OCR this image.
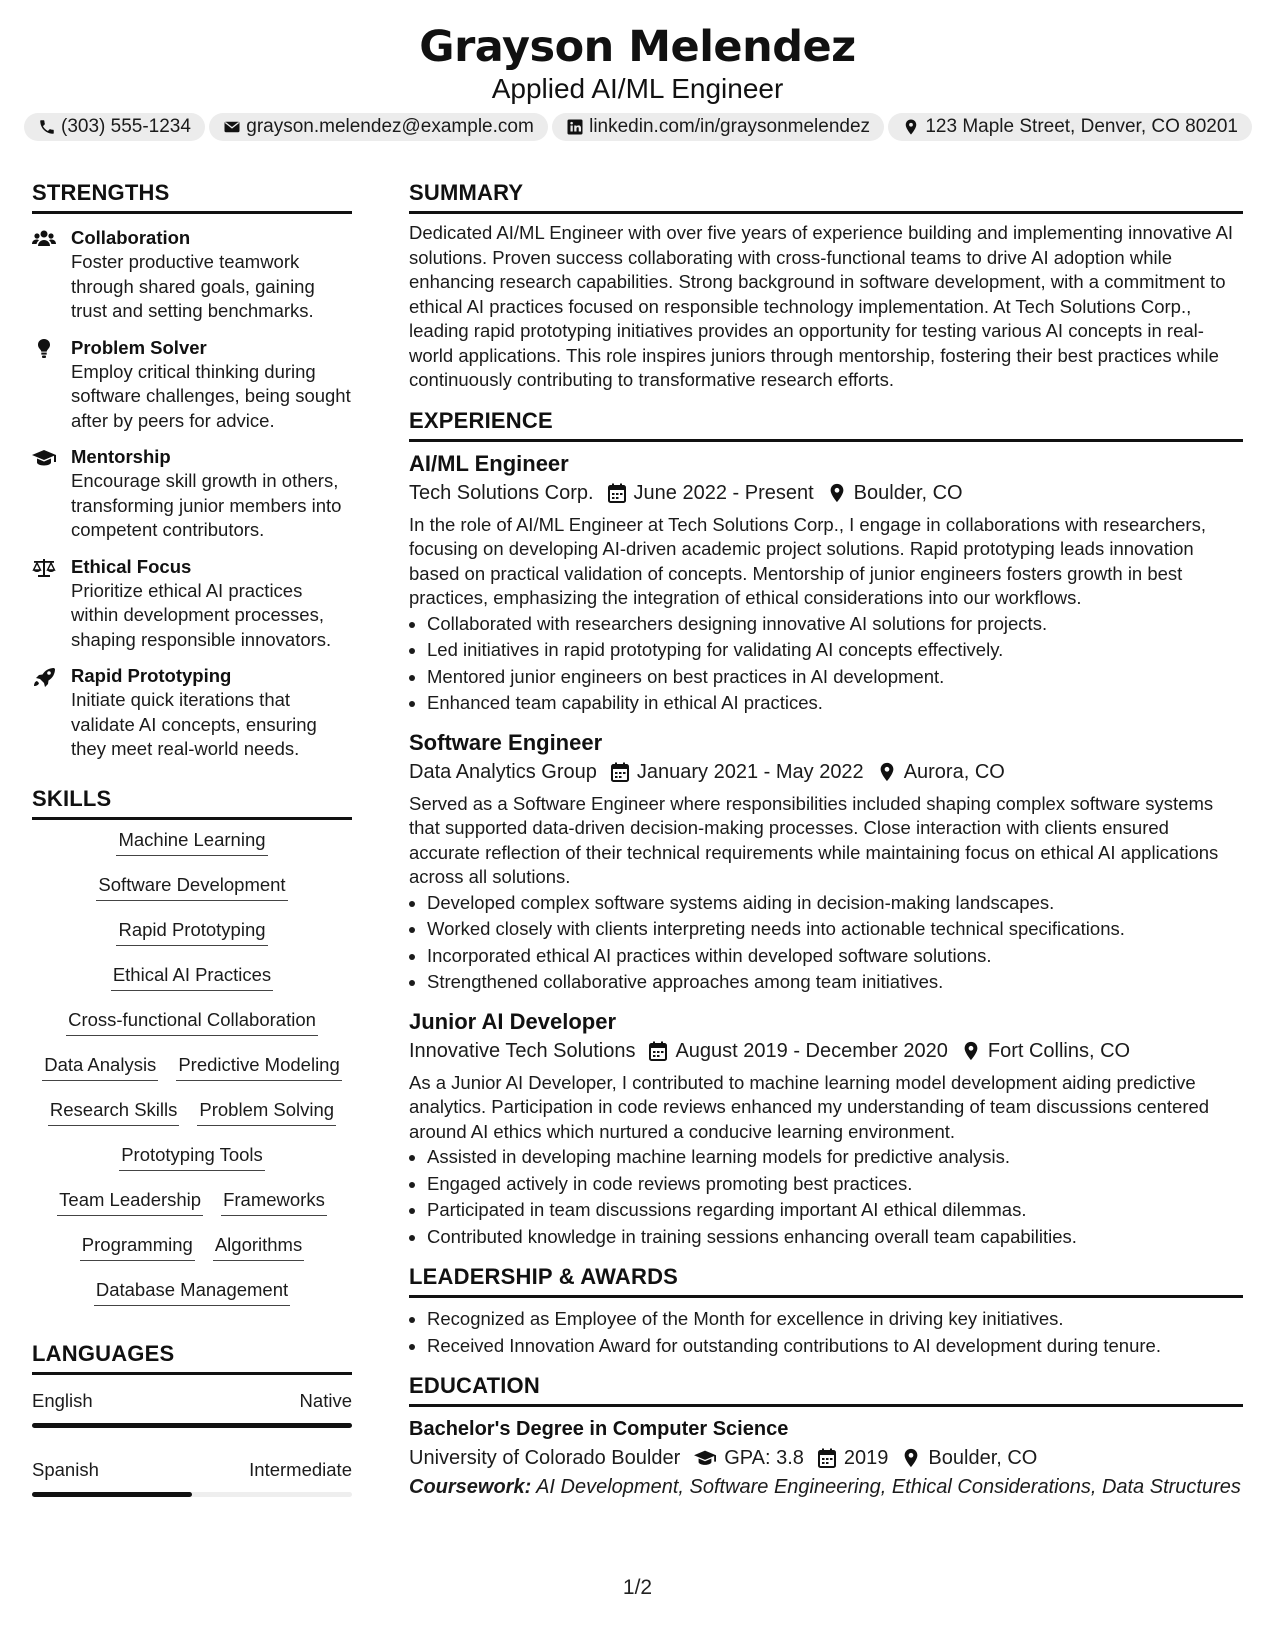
Grayson Melendez
Applied AI/ML Engineer
(303) 555-1234	grayson.melendez@example.com	linkedin.com/in/graysonmelendez	123 Maple Street, Denver, CO 80201
STRENGTHS
Collaboration
Foster productive teamwork through shared goals, gaining trust and setting benchmarks.
Problem Solver
Employ critical thinking during software challenges, being sought after by peers for advice.
Mentorship
Encourage skill growth in others, transforming junior members into competent contributors.
Ethical Focus
Prioritize ethical AI practices within development processes, shaping responsible innovators.
Rapid Prototyping
Initiate quick iterations that validate AI concepts, ensuring they meet real-world needs.
SKILLS
Machine Learning
Software Development
Rapid Prototyping
Ethical AI Practices
Cross-functional Collaboration
Data Analysis Predictive Modeling
Research Skills Problem Solving
Prototyping Tools
Team Leadership Frameworks
Programming Algorithms
Database Management
LANGUAGES
English	Native
Spanish	Intermediate
SUMMARY
Dedicated AI/ML Engineer with over five years of experience building and implementing innovative AI solutions. Proven success collaborating with cross-functional teams to drive AI adoption while enhancing research capabilities. Strong background in software development, with a commitment to ethical AI practices focused on responsible technology implementation. At Tech Solutions Corp., leading rapid prototyping initiatives provides an opportunity for testing various AI concepts in real-world applications. This role inspires juniors through mentorship, fostering their best practices while continuously contributing to transformative research efforts.
EXPERIENCE
AI/ML Engineer
Tech Solutions Corp. June 2022 - Present Boulder, CO
In the role of AI/ML Engineer at Tech Solutions Corp., I engage in collaborations with researchers, focusing on developing AI-driven academic project solutions. Rapid prototyping leads innovation based on practical validation of concepts. Mentorship of junior engineers fosters growth in best practices, emphasizing the integration of ethical considerations into our workflows.
• Collaborated with researchers designing innovative AI solutions for projects.
• Led initiatives in rapid prototyping for validating AI concepts effectively.
• Mentored junior engineers on best practices in AI development.
• Enhanced team capability in ethical AI practices.
Software Engineer
Data Analytics Group January 2021 - May 2022 Aurora, CO
Served as a Software Engineer where responsibilities included shaping complex software systems that supported data-driven decision-making processes. Close interaction with clients ensured accurate reflection of their technical requirements while maintaining focus on ethical AI applications across all solutions.
• Developed complex software systems aiding in decision-making landscapes.
• Worked closely with clients interpreting needs into actionable technical specifications.
• Incorporated ethical AI practices within developed software solutions.
• Strengthened collaborative approaches among team initiatives.
Junior AI Developer
Innovative Tech Solutions August 2019 - December 2020 Fort Collins, CO
As a Junior AI Developer, I contributed to machine learning model development aiding predictive analytics. Participation in code reviews enhanced my understanding of team discussions centered around AI ethics which nurtured a conducive learning environment.
• Assisted in developing machine learning models for predictive analysis.
• Engaged actively in code reviews promoting best practices.
• Participated in team discussions regarding important AI ethical dilemmas.
• Contributed knowledge in training sessions enhancing overall team capabilities.
LEADERSHIP & AWARDS
• Recognized as Employee of the Month for excellence in driving key initiatives.
• Received Innovation Award for outstanding contributions to AI development during tenure.
EDUCATION
Bachelor's Degree in Computer Science
University of Colorado Boulder GPA: 3.8 2019 Boulder, CO
Coursework: AI Development, Software Engineering, Ethical Considerations, Data Structures
1/2
